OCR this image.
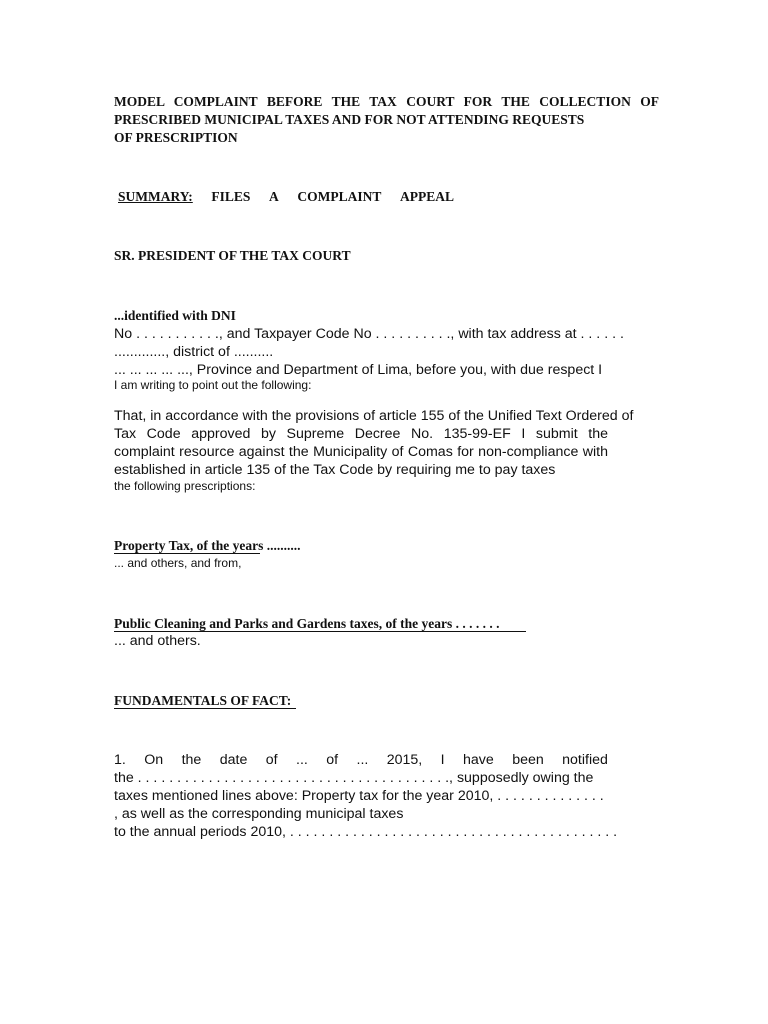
MODEL COMPLAINT BEFORE THE TAX COURT FOR THE COLLECTION OF
PRESCRIBED MUNICIPAL TAXES AND FOR NOT ATTENDING REQUESTS
OF PRESCRIPTION
SUMMARY: FILES A COMPLAINT APPEAL
SR. PRESIDENT OF THE TAX COURT
...identified with DNI
No . . . . . . . . . . ., and Taxpayer Code No . . . . . . . . . ., with tax address at . . . . . .
............., district of ..........
... ... ... ... ..., Province and Department of Lima, before you, with due respect I
I am writing to point out the following:
That, in accordance with the provisions of article 155 of the Unified Text Ordered of
Tax Code approved by Supreme Decree No. 135-99-EF I submit the
complaint resource against the Municipality of Comas for non-compliance with
established in article 135 of the Tax Code by requiring me to pay taxes
the following prescriptions:
Property Tax, of the years ..........
... and others, and from,
Public Cleaning and Parks and Gardens taxes, of the years . . . . . . .
... and others.
FUNDAMENTALS OF FACT:
1. On the date of ... of ... 2015, I have been notified
the . . . . . . . . . . . . . . . . . . . . . . . . . . . . . . . . . . . . . . . ., supposedly owing the
taxes mentioned lines above: Property tax for the year 2010, . . . . . . . . . . . . . .
, as well as the corresponding municipal taxes
to the annual periods 2010, . . . . . . . . . . . . . . . . . . . . . . . . . . . . . . . . . . . . . . . . . .
